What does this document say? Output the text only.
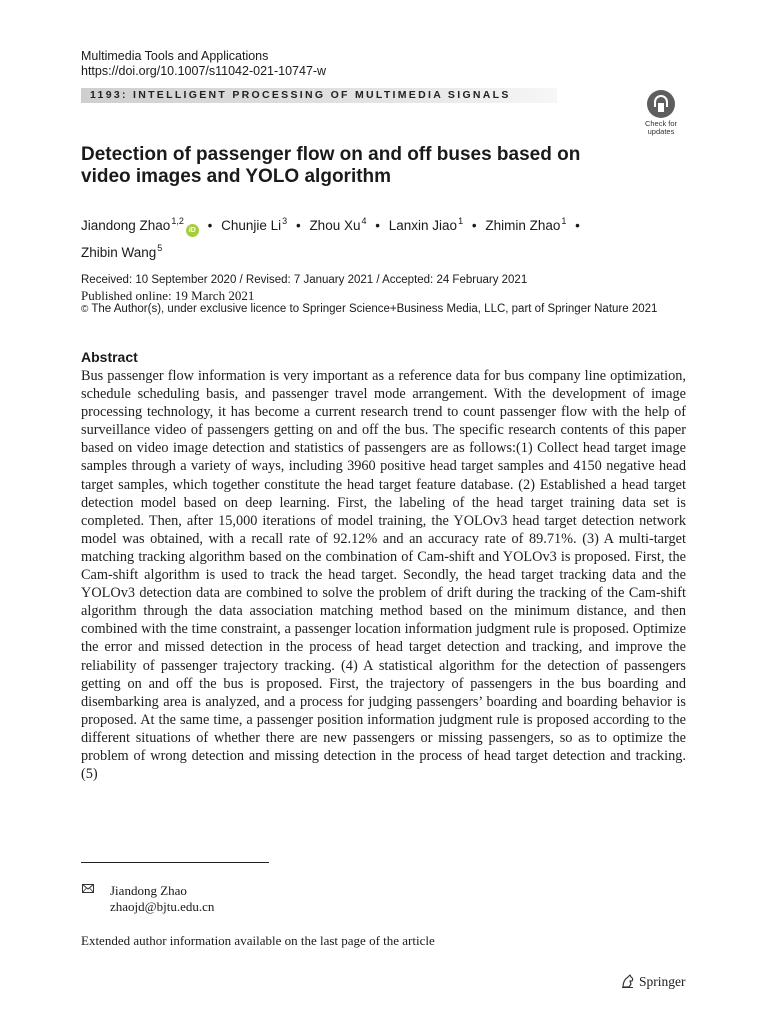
Multimedia Tools and Applications
https://doi.org/10.1007/s11042-021-10747-w
1193: INTELLIGENT PROCESSING OF MULTIMEDIA SIGNALS
Check for
updates
Detection of passenger flow on and off buses based on video images and YOLO algorithm
Jiandong Zhao$^{1,2}$iD • Chunjie Li$^3$ • Zhou Xu$^4$ • Lanxin Jiao$^1$ • Zhimin Zhao$^1$ •
Zhibin Wang$^5$
Received: 10 September 2020 / Revised: 7 January 2021 / Accepted: 24 February 2021
Published online: 19 March 2021
© The Author(s), under exclusive licence to Springer Science+Business Media, LLC, part of Springer Nature 2021
Abstract
Bus passenger flow information is very important as a reference data for bus company line optimization, schedule scheduling basis, and passenger travel mode arrangement. With the development of image processing technology, it has become a current research trend to count passenger flow with the help of surveillance video of passengers getting on and off the bus. The specific research contents of this paper based on video image detection and statistics of passengers are as follows:(1) Collect head target image samples through a variety of ways, including 3960 positive head target samples and 4150 negative head target samples, which together constitute the head target feature database. (2) Established a head target detection model based on deep learning. First, the labeling of the head target training data set is completed. Then, after 15,000 iterations of model training, the YOLOv3 head target detection network model was obtained, with a recall rate of 92.12% and an accuracy rate of 89.71%. (3) A multi-target matching tracking algorithm based on the combination of Cam-shift and YOLOv3 is proposed. First, the Cam-shift algorithm is used to track the head target. Secondly, the head target tracking data and the YOLOv3 detection data are combined to solve the problem of drift during the tracking of the Cam-shift algorithm through the data association matching method based on the minimum distance, and then combined with the time constraint, a passenger location information judgment rule is proposed. Optimize the error and missed detection in the process of head target detection and tracking, and improve the reliability of passenger trajectory tracking. (4) A statistical algorithm for the detection of passengers getting on and off the bus is proposed. First, the trajectory of passengers in the bus boarding and disembarking area is analyzed, and a process for judging passengers’ boarding and boarding behavior is proposed. At the same time, a passenger position information judgment rule is proposed according to the different situations of whether there are new passengers or missing passengers, so as to optimize the problem of wrong detection and missing detection in the process of head target detection and tracking. (5)
Jiandong Zhao
zhaojd@bjtu.edu.cn
Extended author information available on the last page of the article
Springer
